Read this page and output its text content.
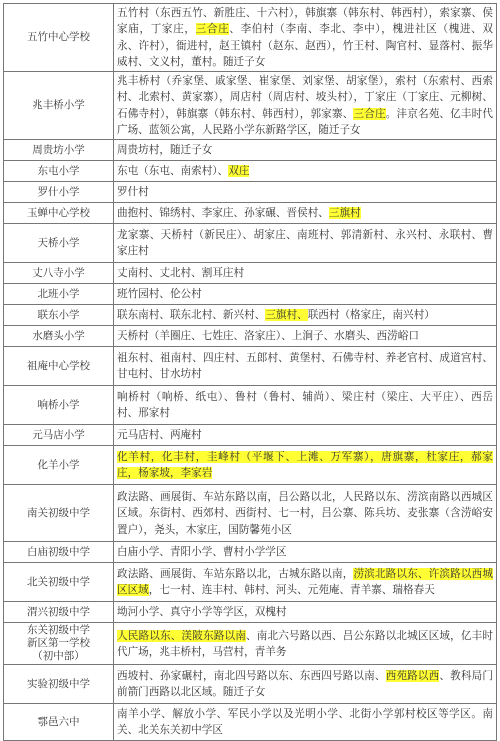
五竹中心学校	五竹村（东西五竹、新胜庄、十六村），韩旗寨（韩东村、韩西村），索家寨、侯家庙，丁家庄，三合庄、李伯村（李南、李北、李中），槐进社区（槐进、双永、许村），衙进村，赵王镇村（赵东、赵西），竹王村、陶官村、显落村、振华威村、文义村，董村。随迁子女
兆丰桥小学	兆丰桥村（乔家堡、戚家堡、崔家堡、刘家堡、胡家堡），索村（东索村、西索村、北索村、黄家寨），周店村（周店村、坡头村），丁家庄（丁家庄、元柳树、石佛寺村），韩旗寨（韩东村、韩西村），郭家寨、三合庄。沣京名苑、亿丰时代广场、蓝领公寓，人民路小学东新路学区，随迁子女
周贵坊小学	周贵坊村，随迁子女
东屯小学	东屯（东屯、南索村）、双庄
罗什小学	罗什村
玉蝉中心学校	曲抱村、锦绣村、李家庄、孙家碾、晋侯村、三旗村
天桥小学	龙家寨、天桥村（新民庄）、胡家庄、南班村、郭清新村、永兴村、永联村、曹家庄村
丈八寺小学	丈南村、丈北村、割耳庄村
北班小学	班竹园村、伦公村
联东小学	联东南村、联东北村、新兴村、三旗村、联西村（格家庄，南兴村）
水磨头小学	天桥村（羊圈庄、七姓庄、洛家庄）、上涧子、水磨头、西涝峪口
祖庵中心学校	祖东村、祖南村、四庄村、五郎村、黄堡村、石佛寺村、养老官村、成道宫村、甘屯村、甘水坊村
响桥小学	响桥村（响桥、纸屯）、鲁村（鲁村、辅尚）、梁庄村（梁庄、大平庄）、西岳村、邢家村
元马店小学	元马店村、两庵村
化羊小学	化羊村，化丰村，圭峰村（平堰下、上滩、万军寨），唐旗寨，杜家庄，郝家庄，杨家坡，李家岩
南关初级中学	政法路、画展街、车站东路以南，吕公路以北，人民路以东、涝滨南路以西城区区域。东街村、西郊村、西街村、七一村，吕公寨、陈兵坊、麦张寨（含涝峪安置户），尧头，木家庄，国防馨苑小区
白庙初级中学	白庙小学、青阳小学、曹村小学学区
北关初级中学	政法路、画展街、车站东路以北，古城东路以南，涝滨北路以东、许滨路以西城区区域，七一村、连丰村、韩村、河头、元苑庵、青羊寨、瑞格春天
渭兴初级中学	坳河小学、真守小学等学区，双槐村
东关初级中学
新区第一学校
（初中部）	人民路以东、渼陂东路以南、南北六号路以西、吕公东路以北城区区域，亿丰时代广场，兆丰桥村，马营村，青羊务
实验初级中学	西坡村、孙家碾村，南北四号路以东、东西四号路以南、西苑路以西、教科局门前箭门西路以北区域。随迁子女
鄠邑六中	南羊小学、解放小学、军民小学以及光明小学、北街小学郭村校区等学区。南关、北关东关初中学区
